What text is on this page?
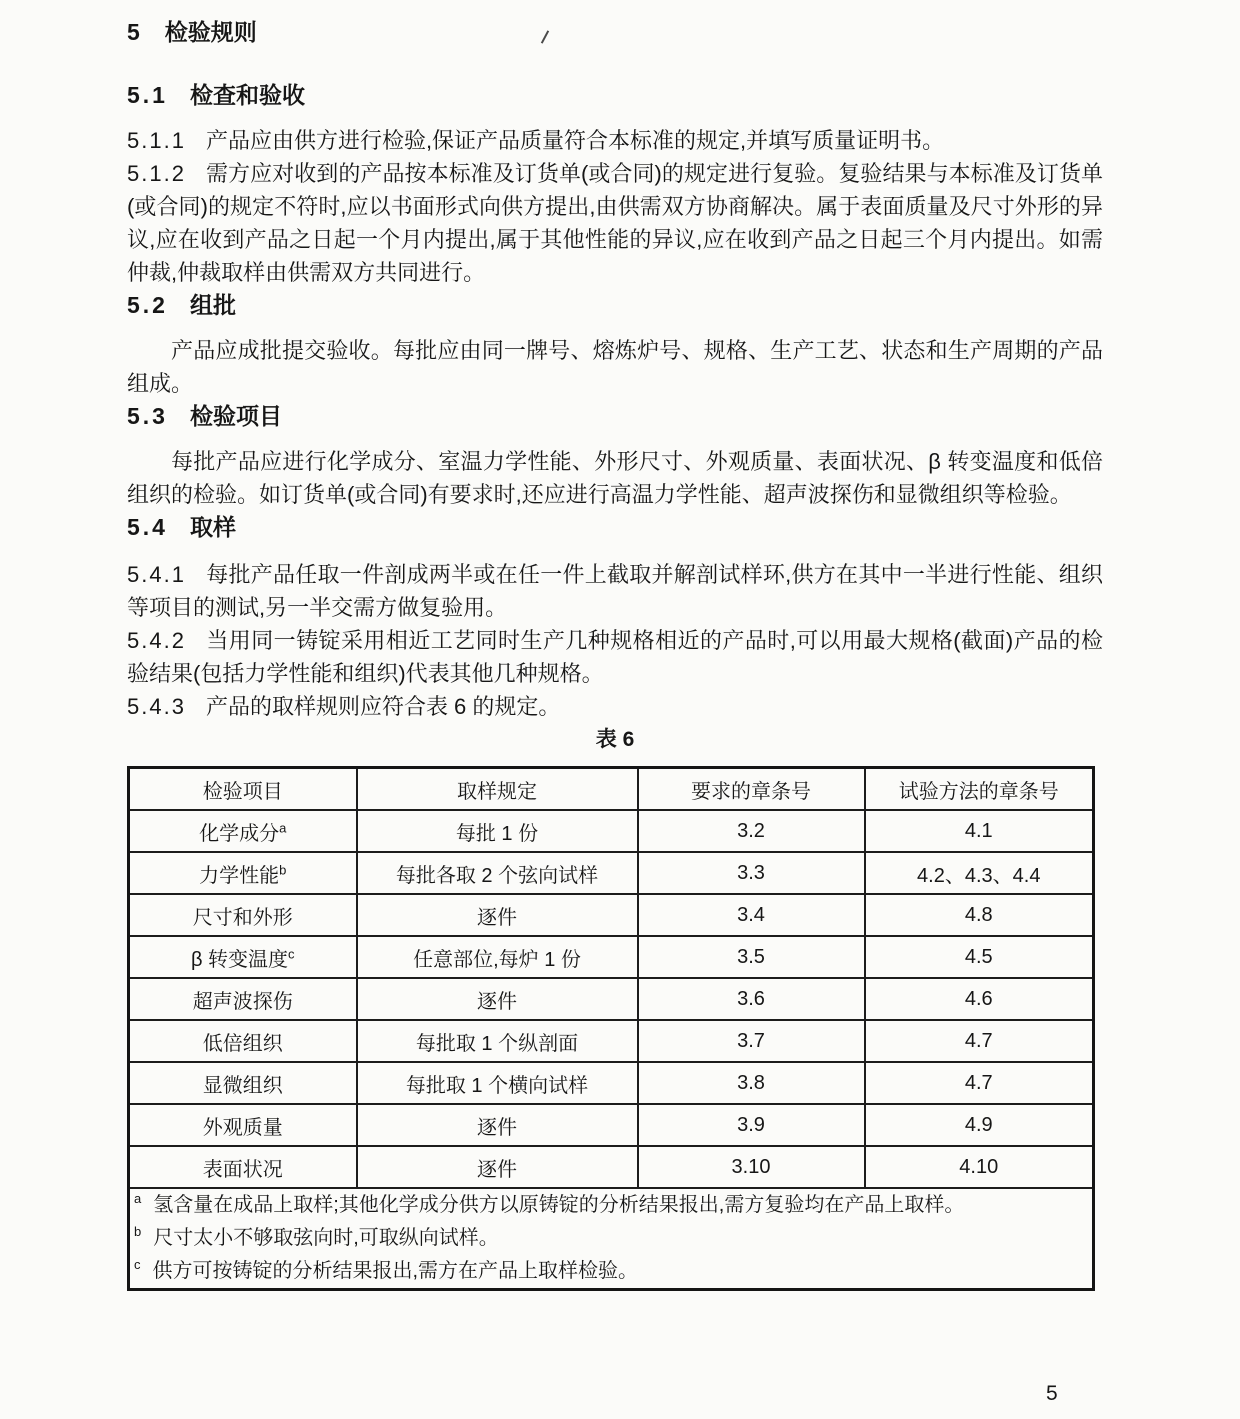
5 检验规则
5.1 检查和验收

5.1.1 产品应由供方进行检验,保证产品质量符合本标准的规定,并填写质量证明书。

5.1.2 需方应对收到的产品按本标准及订货单(或合同)的规定进行复验。复验结果与本标准及订货单(或合同)的规定不符时,应以书面形式向供方提出,由供需双方协商解决。属于表面质量及尺寸外形的异议,应在收到产品之日起一个月内提出,属于其他性能的异议,应在收到产品之日起三个月内提出。如需仲裁,仲裁取样由供需双方共同进行。

5.2 组批

产品应成批提交验收。每批应由同一牌号、熔炼炉号、规格、生产工艺、状态和生产周期的产品组成。

5.3 检验项目

每批产品应进行化学成分、室温力学性能、外形尺寸、外观质量、表面状况、β 转变温度和低倍组织的检验。如订货单(或合同)有要求时,还应进行高温力学性能、超声波探伤和显微组织等检验。

5.4 取样

5.4.1 每批产品任取一件剖成两半或在任一件上截取并解剖试样环,供方在其中一半进行性能、组织等项目的测试,另一半交需方做复验用。

5.4.2 当用同一铸锭采用相近工艺同时生产几种规格相近的产品时,可以用最大规格(截面)产品的检验结果(包括力学性能和组织)代表其他几种规格。

5.4.3 产品的取样规则应符合表 6 的规定。

表 6
检验项目	取样规定	要求的章条号	试验方法的章条号
化学成分$^a$	每批 1 份	3.2	4.1
力学性能$^b$	每批各取 2 个弦向试样	3.3	4.2、4.3、4.4
尺寸和外形	逐件	3.4	4.8
β 转变温度$^c$	任意部位,每炉 1 份	3.5	4.5
超声波探伤	逐件	3.6	4.6
低倍组织	每批取 1 个纵剖面	3.7	4.7
显微组织	每批取 1 个横向试样	3.8	4.7
外观质量	逐件	3.9	4.9
表面状况	逐件	3.10	4.10

$^a$ 氢含量在成品上取样;其他化学成分供方以原铸锭的分析结果报出,需方复验均在产品上取样。
$^b$ 尺寸太小不够取弦向时,可取纵向试样。
$^c$ 供方可按铸锭的分析结果报出,需方在产品上取样检验。			
5
